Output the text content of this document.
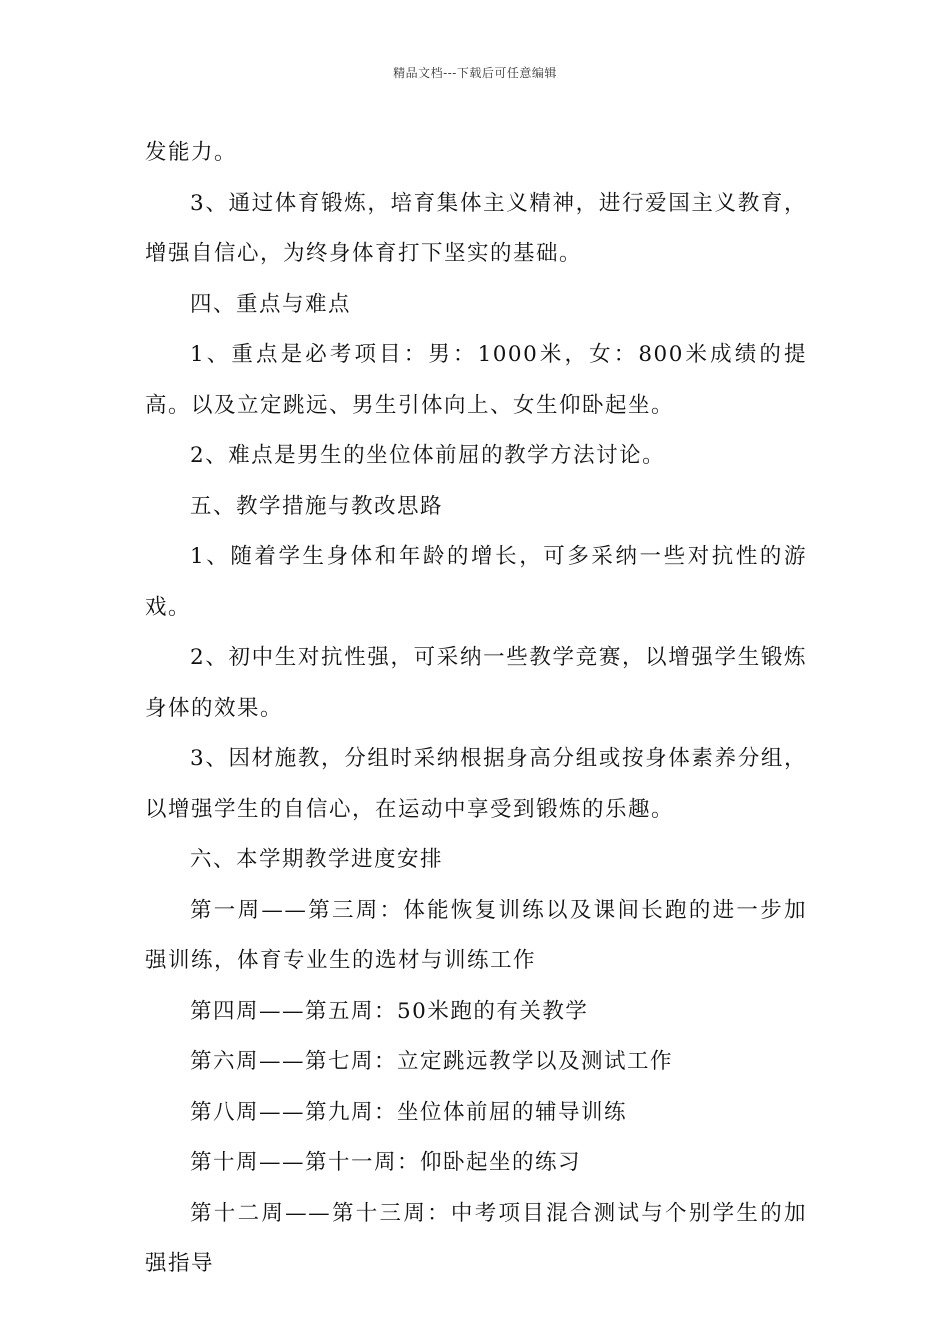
精品文档---下载后可任意编辑

发能力。

3、通过体育锻炼，培育集体主义精神，进行爱国主义教育，增强自信心，为终身体育打下坚实的基础。

四、重点与难点

1、重点是必考项目：男：1000米，女：800米成绩的提高。以及立定跳远、男生引体向上、女生仰卧起坐。

2、难点是男生的坐位体前屈的教学方法讨论。

五、教学措施与教改思路

1、随着学生身体和年龄的增长，可多采纳一些对抗性的游戏。

2、初中生对抗性强，可采纳一些教学竞赛，以增强学生锻炼身体的效果。

3、因材施教，分组时采纳根据身高分组或按身体素养分组，以增强学生的自信心，在运动中享受到锻炼的乐趣。

六、本学期教学进度安排

第一周——第三周：体能恢复训练以及课间长跑的进一步加强训练，体育专业生的选材与训练工作

第四周——第五周：50米跑的有关教学

第六周——第七周：立定跳远教学以及测试工作

第八周——第九周：坐位体前屈的辅导训练

第十周——第十一周：仰卧起坐的练习

第十二周——第十三周：中考项目混合测试与个别学生的加强指导
